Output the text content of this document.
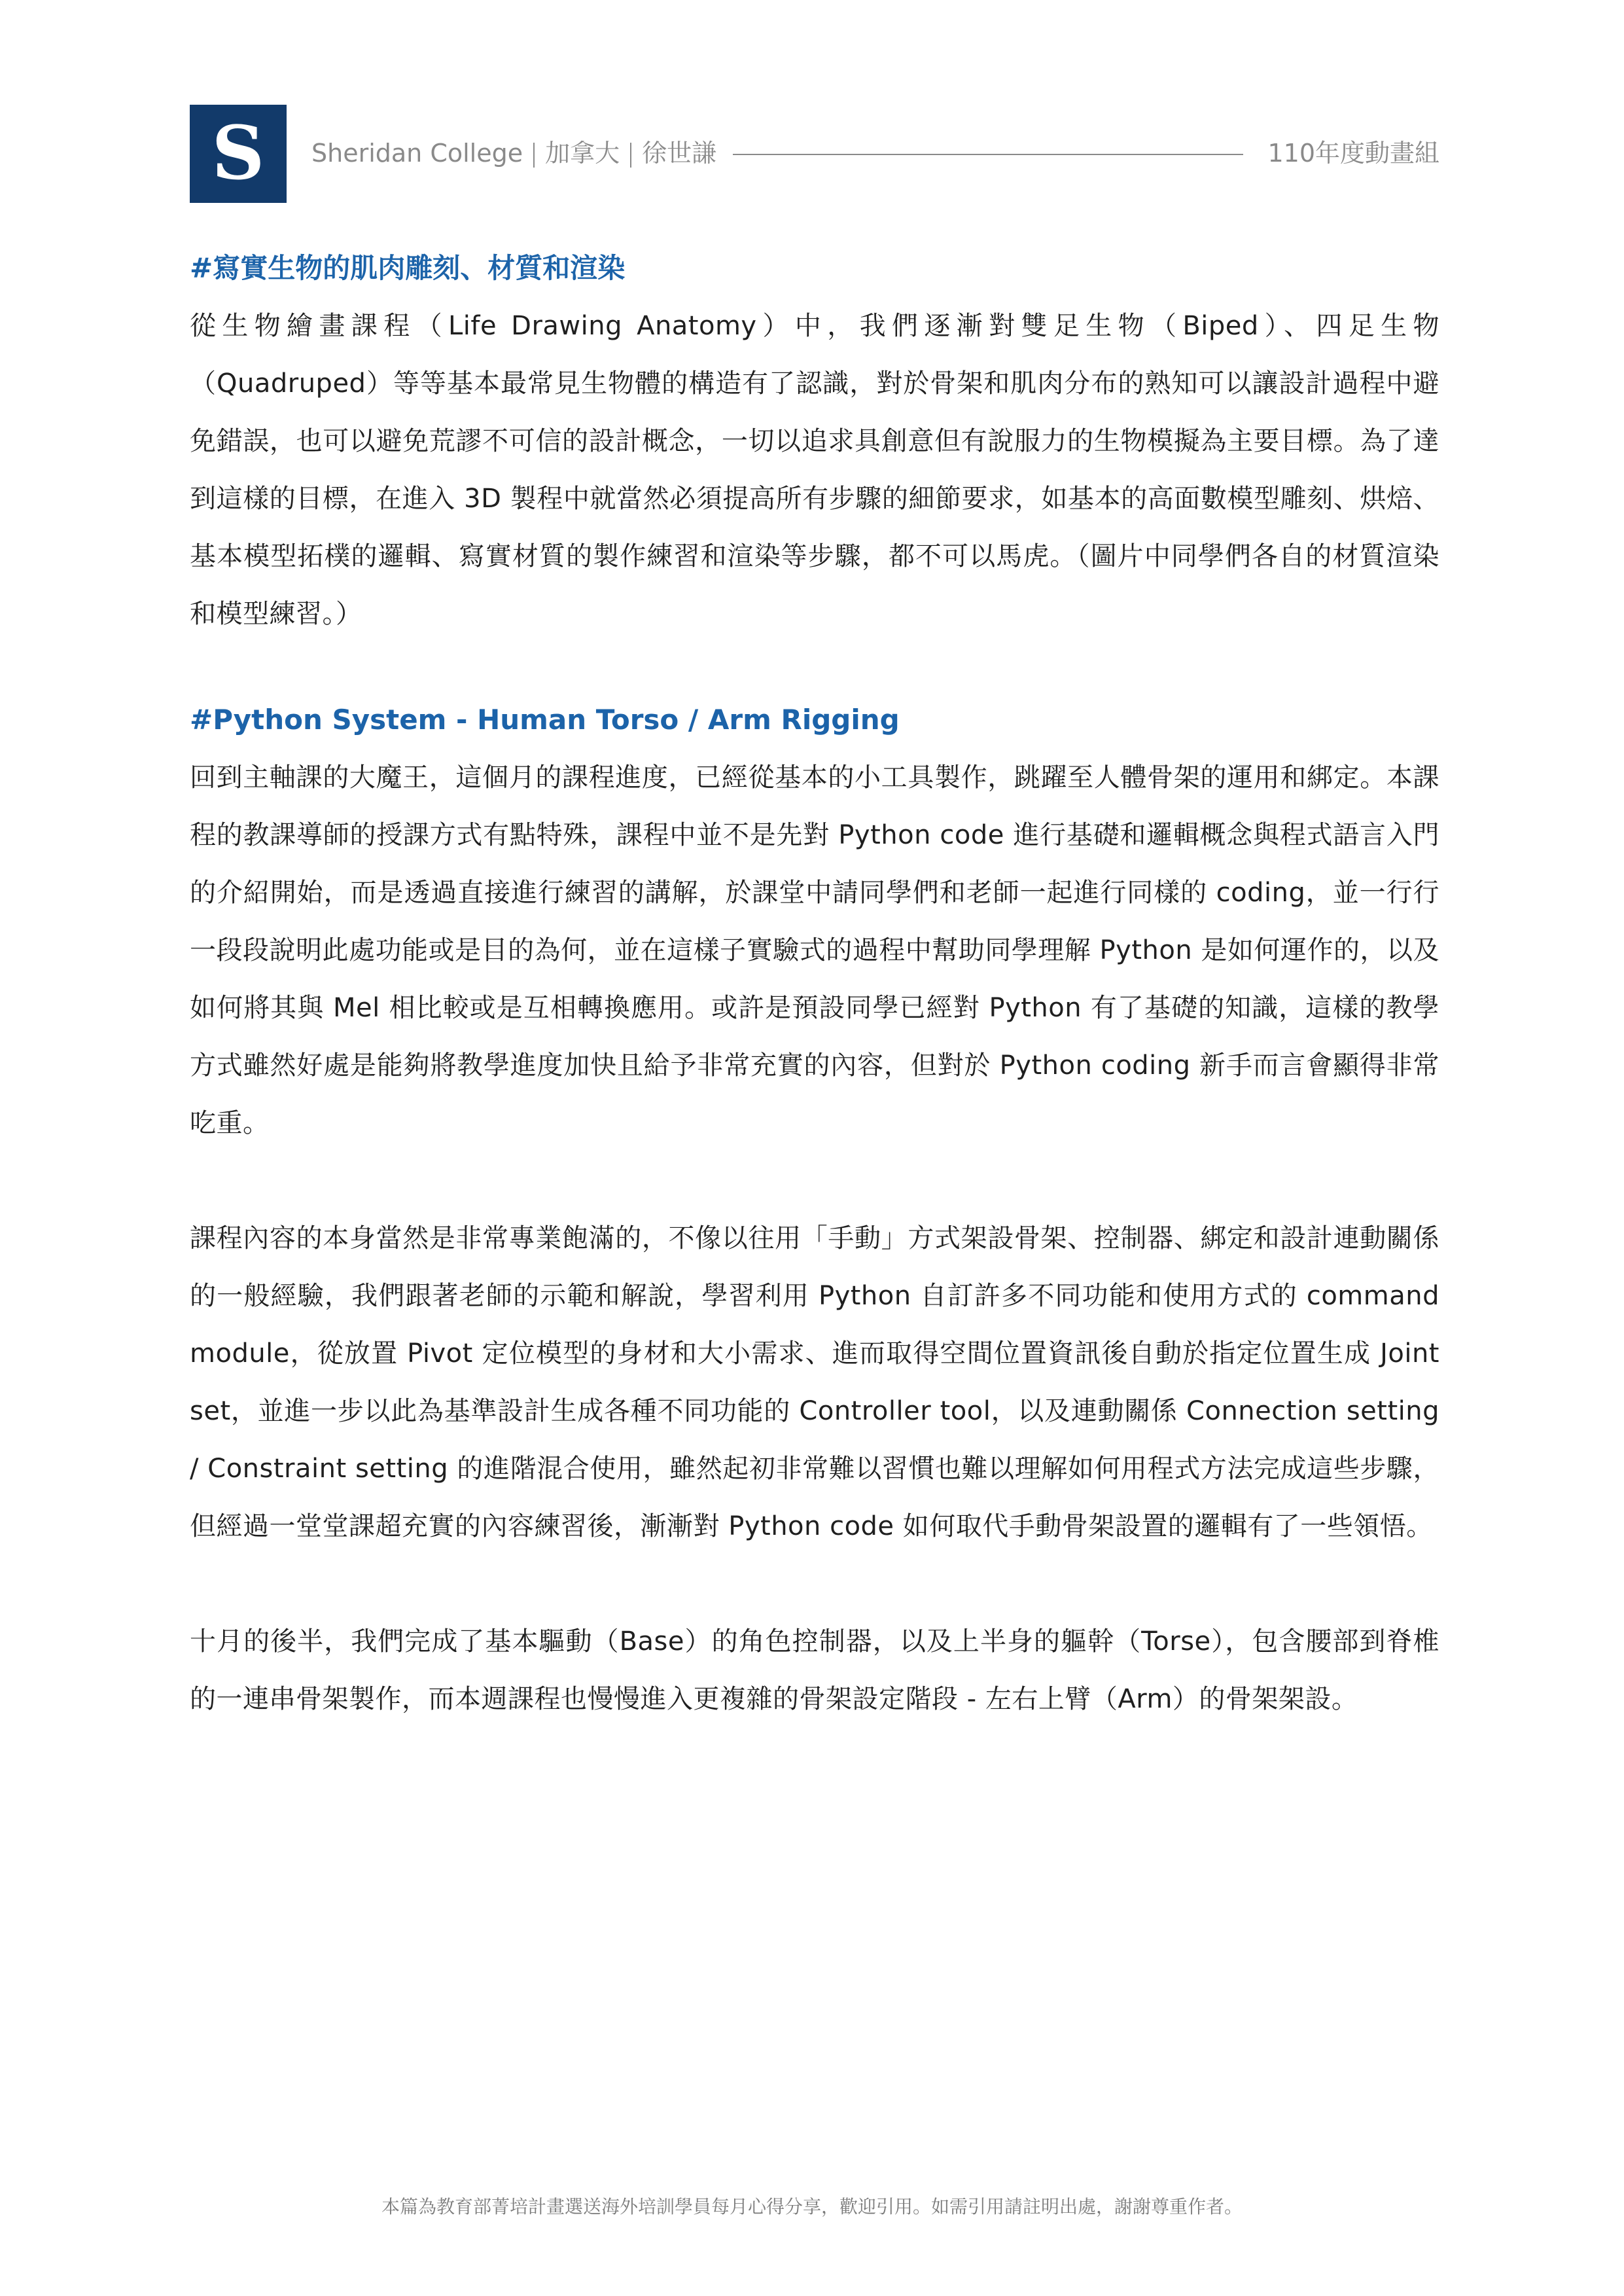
S	Sheridan College 加拿大 徐世謙	110年度動畫組
#寫實生物的肌肉雕刻、材質和渲染

從生物繪畫課程（Life Drawing Anatomy）中，我們逐漸對雙足生物（Biped）、四足生物（Quadruped）等等基本最常見生物體的構造有了認識，對於骨架和肌肉分布的熟知可以讓設計過程中避免錯誤，也可以避免荒謬不可信的設計概念，一切以追求具創意但有說服力的生物模擬為主要目標。為了達到這樣的目標，在進入 3D 製程中就當然必須提高所有步驟的細節要求，如基本的高面數模型雕刻、烘焙、基本模型拓樸的邏輯、寫實材質的製作練習和渲染等步驟，都不可以馬虎。（圖片中同學們各自的材質渲染和模型練習。）

#Python System - Human Torso / Arm Rigging

回到主軸課的大魔王，這個月的課程進度，已經從基本的小工具製作，跳躍至人體骨架的運用和綁定。本課程的教課導師的授課方式有點特殊，課程中並不是先對 Python code 進行基礎和邏輯概念與程式語言入門的介紹開始，而是透過直接進行練習的講解，於課堂中請同學們和老師一起進行同樣的 coding，並一行行一段段說明此處功能或是目的為何，並在這樣子實驗式的過程中幫助同學理解 Python 是如何運作的，以及如何將其與 Mel 相比較或是互相轉換應用。或許是預設同學已經對 Python 有了基礎的知識，這樣的教學方式雖然好處是能夠將教學進度加快且給予非常充實的內容，但對於 Python coding 新手而言會顯得非常吃重。

課程內容的本身當然是非常專業飽滿的，不像以往用「手動」方式架設骨架、控制器、綁定和設計連動關係的一般經驗，我們跟著老師的示範和解說，學習利用 Python 自訂許多不同功能和使用方式的 command module，從放置 Pivot 定位模型的身材和大小需求、進而取得空間位置資訊後自動於指定位置生成 Joint set，並進一步以此為基準設計生成各種不同功能的 Controller tool，以及連動關係 Connection setting / Constraint setting 的進階混合使用，雖然起初非常難以習慣也難以理解如何用程式方法完成這些步驟，但經過一堂堂課超充實的內容練習後，漸漸對 Python code 如何取代手動骨架設置的邏輯有了一些領悟。

十月的後半，我們完成了基本驅動（Base）的角色控制器，以及上半身的軀幹（Torse），包含腰部到脊椎的一連串骨架製作，而本週課程也慢慢進入更複雜的骨架設定階段 - 左右上臂（Arm）的骨架架設。

本篇為教育部菁培計畫選送海外培訓學員每月心得分享，歡迎引用。如需引用請註明出處，謝謝尊重作者。
